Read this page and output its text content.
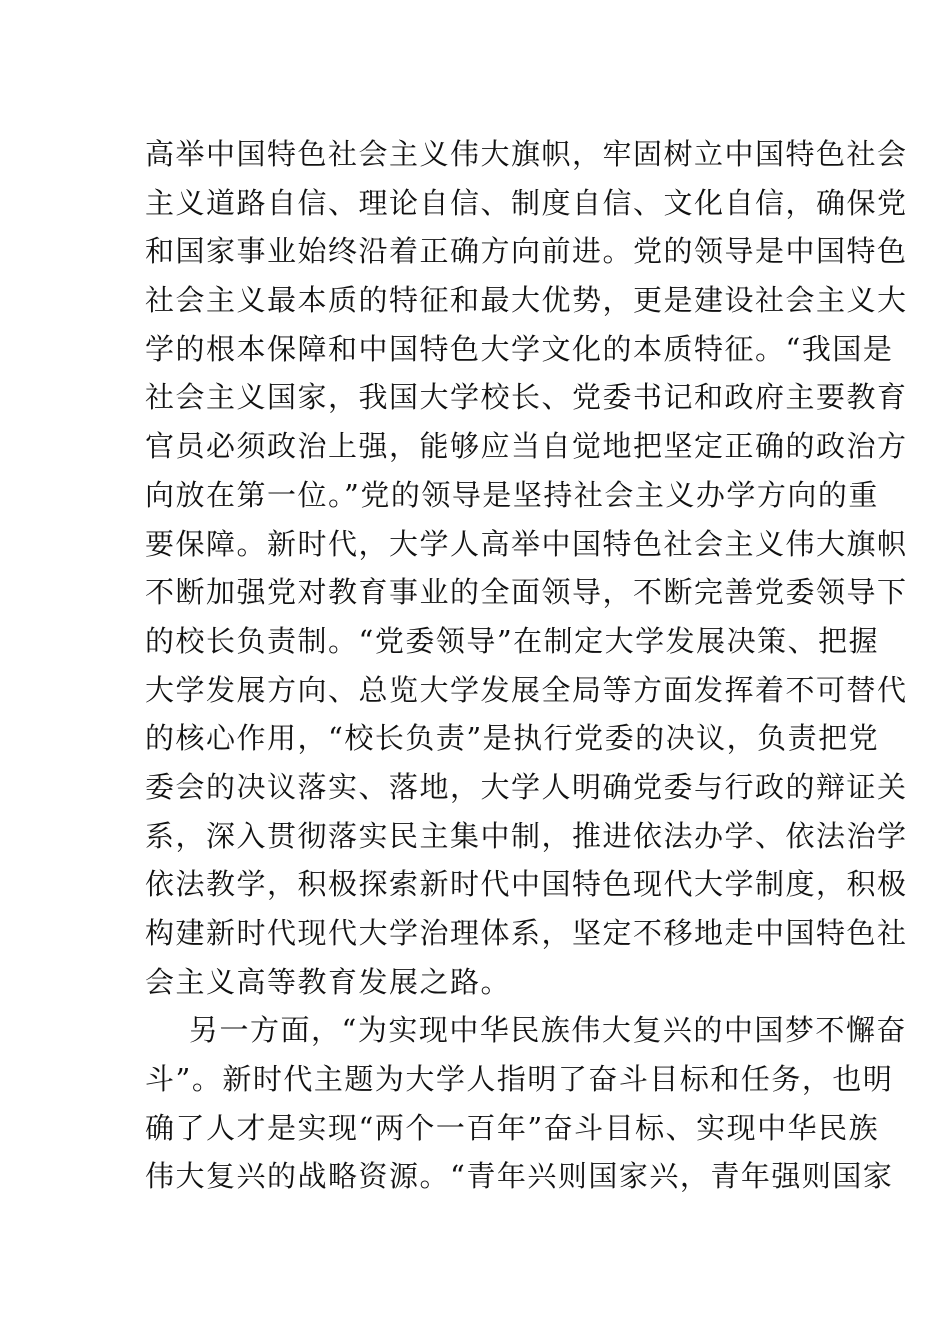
高举中国特色社会主义伟大旗帜，牢固树立中国特色社会
主义道路自信、理论自信、制度自信、文化自信，确保党
和国家事业始终沿着正确方向前进。党的领导是中国特色
社会主义最本质的特征和最大优势，更是建设社会主义大
学的根本保障和中国特色大学文化的本质特征。“我国是
社会主义国家，我国大学校长、党委书记和政府主要教育
官员必须政治上强，能够应当自觉地把坚定正确的政治方
向放在第一位。”党的领导是坚持社会主义办学方向的重
要保障。新时代，大学人高举中国特色社会主义伟大旗帜
不断加强党对教育事业的全面领导，不断完善党委领导下
的校长负责制。“党委领导”在制定大学发展决策、把握
大学发展方向、总览大学发展全局等方面发挥着不可替代
的核心作用，“校长负责”是执行党委的决议，负责把党
委会的决议落实、落地，大学人明确党委与行政的辩证关
系，深入贯彻落实民主集中制，推进依法办学、依法治学
依法教学，积极探索新时代中国特色现代大学制度，积极
构建新时代现代大学治理体系，坚定不移地走中国特色社
会主义高等教育发展之路。
另一方面，“为实现中华民族伟大复兴的中国梦不懈奋
斗”。新时代主题为大学人指明了奋斗目标和任务，也明
确了人才是实现“两个一百年”奋斗目标、实现中华民族
伟大复兴的战略资源。“青年兴则国家兴，青年强则国家
